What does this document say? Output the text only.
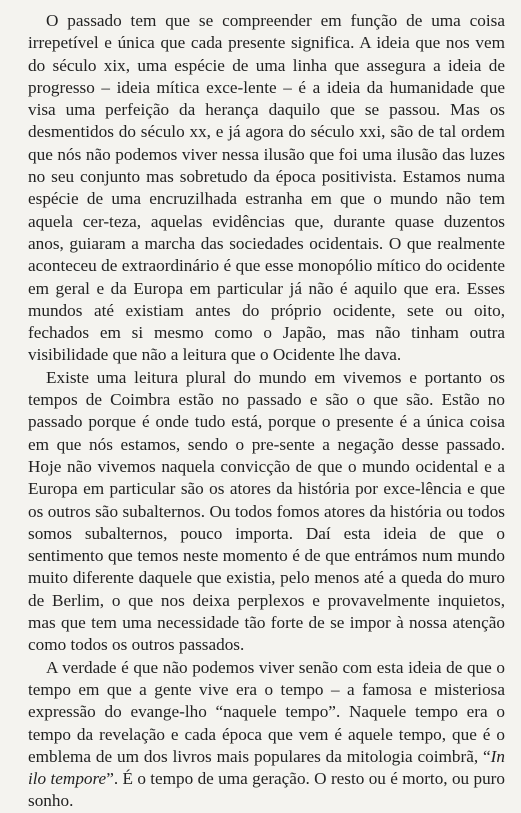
O passado tem que se compreender em função de uma coisa irrepetível e única que cada presente significa. A ideia que nos vem do século xix, uma espécie de uma linha que assegura a ideia de progresso – ideia mítica exce-lente – é a ideia da humanidade que visa uma perfeição da herança daquilo que se passou. Mas os desmentidos do século xx, e já agora do século xxi, são de tal ordem que nós não podemos viver nessa ilusão que foi uma ilusão das luzes no seu conjunto mas sobretudo da época positivista. Estamos numa espécie de uma encruzilhada estranha em que o mundo não tem aquela cer-teza, aquelas evidências que, durante quase duzentos anos, guiaram a marcha das sociedades ocidentais. O que realmente aconteceu de extraordinário é que esse monopólio mítico do ocidente em geral e da Europa em particular já não é aquilo que era. Esses mundos até existiam antes do próprio ocidente, sete ou oito, fechados em si mesmo como o Japão, mas não tinham outra visibilidade que não a leitura que o Ocidente lhe dava.

Existe uma leitura plural do mundo em vivemos e portanto os tempos de Coimbra estão no passado e são o que são. Estão no passado porque é onde tudo está, porque o presente é a única coisa em que nós estamos, sendo o pre-sente a negação desse passado. Hoje não vivemos naquela convicção de que o mundo ocidental e a Europa em particular são os atores da história por exce-lência e que os outros são subalternos. Ou todos fomos atores da história ou todos somos subalternos, pouco importa. Daí esta ideia de que o sentimento que temos neste momento é de que entrámos num mundo muito diferente daquele que existia, pelo menos até a queda do muro de Berlim, o que nos deixa perplexos e provavelmente inquietos, mas que tem uma necessidade tão forte de se impor à nossa atenção como todos os outros passados.

A verdade é que não podemos viver senão com esta ideia de que o tempo em que a gente vive era o tempo – a famosa e misteriosa expressão do evange-lho “naquele tempo”. Naquele tempo era o tempo da revelação e cada época que vem é aquele tempo, que é o emblema de um dos livros mais populares da mitologia coimbrã, “In ilo tempore”. É o tempo de uma geração. O resto ou é morto, ou puro sonho.
